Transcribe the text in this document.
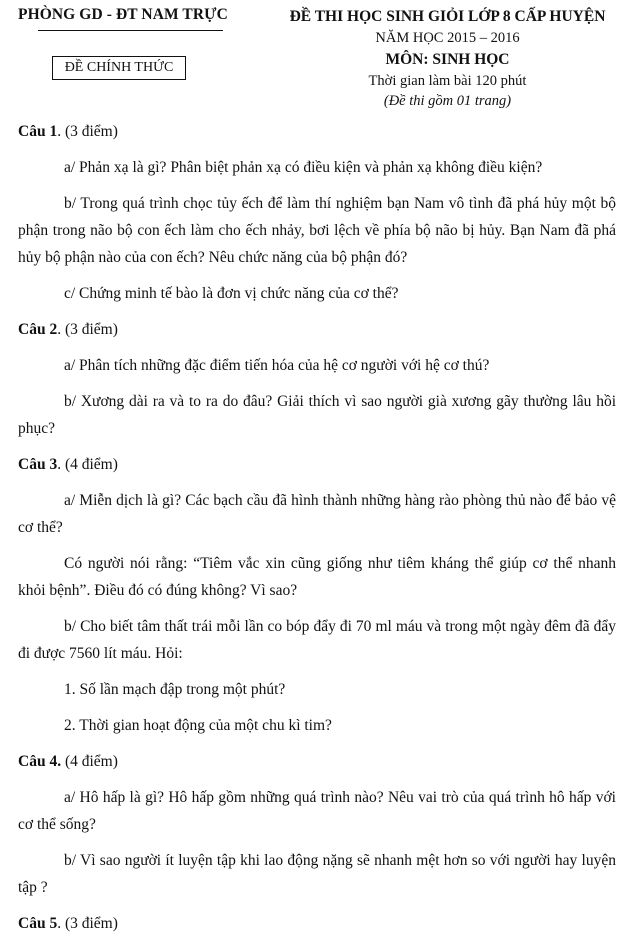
PHÒNG GD - ĐT NAM TRỰC
ĐỀ CHÍNH THỨC
ĐỀ THI HỌC SINH GIỎI LỚP 8 CẤP HUYỆN
NĂM HỌC 2015 – 2016
MÔN: SINH HỌC
Thời gian làm bài 120 phút
(Đề thi gồm 01 trang)

Câu 1. (3 điểm)

a/ Phản xạ là gì? Phân biệt phản xạ có điều kiện và phản xạ không điều kiện?

b/ Trong quá trình chọc tủy ếch để làm thí nghiệm bạn Nam vô tình đã phá hủy một bộ phận trong não bộ con ếch làm cho ếch nhảy, bơi lệch về phía bộ não bị hủy. Bạn Nam đã phá hủy bộ phận nào của con ếch? Nêu chức năng của bộ phận đó?

c/ Chứng minh tế bào là đơn vị chức năng của cơ thể?

Câu 2. (3 điểm)

a/ Phân tích những đặc điểm tiến hóa của hệ cơ người với hệ cơ thú?

b/ Xương dài ra và to ra do đâu? Giải thích vì sao người già xương gãy thường lâu hồi phục?

Câu 3. (4 điểm)

a/ Miễn dịch là gì? Các bạch cầu đã hình thành những hàng rào phòng thủ nào để bảo vệ cơ thể?

Có người nói rằng: “Tiêm vắc xin cũng giống như tiêm kháng thể giúp cơ thể nhanh khỏi bệnh”. Điều đó có đúng không? Vì sao?

b/ Cho biết tâm thất trái mỗi lần co bóp đẩy đi 70 ml máu và trong một ngày đêm đã đẩy đi được 7560 lít máu. Hỏi:

1. Số lần mạch đập trong một phút?

2. Thời gian hoạt động của một chu kì tim?

Câu 4. (4 điểm)

a/ Hô hấp là gì? Hô hấp gồm những quá trình nào? Nêu vai trò của quá trình hô hấp với cơ thể sống?

b/ Vì sao người ít luyện tập khi lao động nặng sẽ nhanh mệt hơn so với người hay luyện tập ?

Câu 5. (3 điểm)
